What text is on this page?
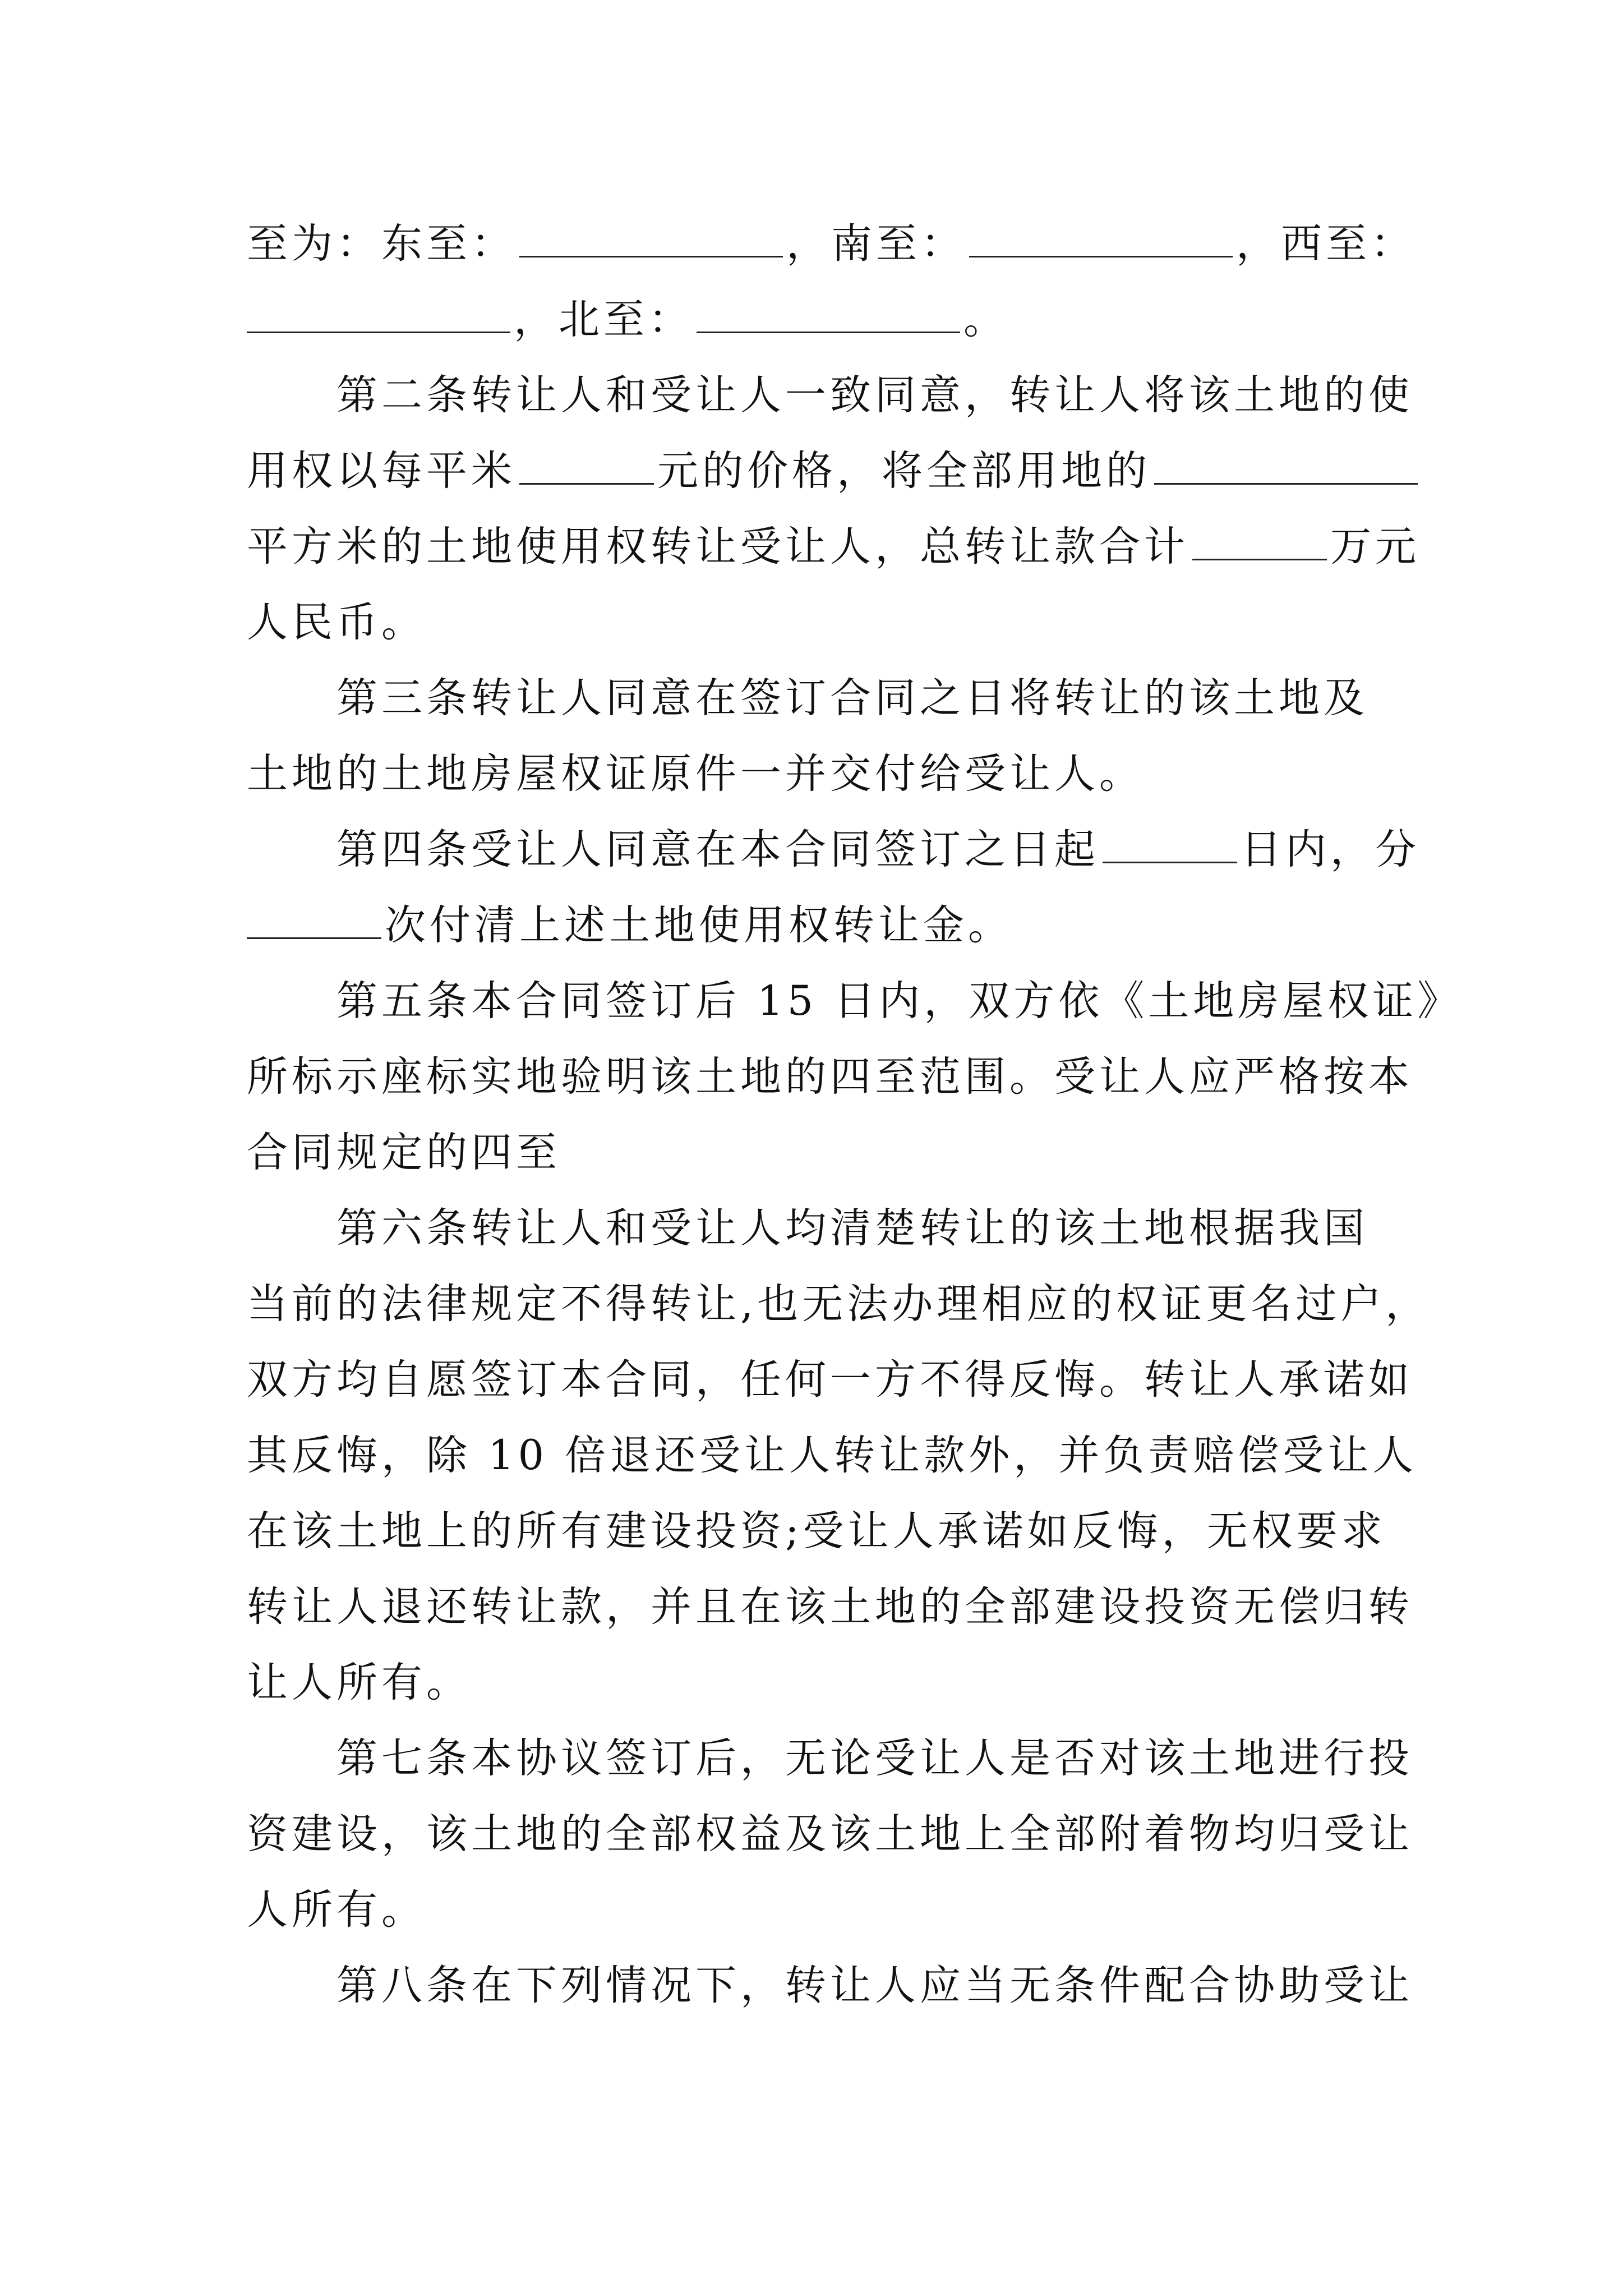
至为：东至：	，南至：	，西至：
，北至：	。
第二条转让人和受让人一致同意，转让人将该土地的使
用权以每平米	元的价格，将全部用地的
平方米的土地使用权转让受让人，总转让款合计	万元
人民币。
第三条转让人同意在签订合同之日将转让的该土地及
土地的土地房屋权证原件一并交付给受让人。
第四条受让人同意在本合同签订之日起	日内，分
次付清上述土地使用权转让金。
第五条本合同签订后 15 日内，双方依《土地房屋权证》
所标示座标实地验明该土地的四至范围。受让人应严格按本
合同规定的四至
第六条转让人和受让人均清楚转让的该土地根据我国
当前的法律规定不得转让,也无法办理相应的权证更名过户，
双方均自愿签订本合同，任何一方不得反悔。转让人承诺如
其反悔，除 10 倍退还受让人转让款外，并负责赔偿受让人
在该土地上的所有建设投资;受让人承诺如反悔，无权要求
转让人退还转让款，并且在该土地的全部建设投资无偿归转
让人所有。
第七条本协议签订后，无论受让人是否对该土地进行投
资建设，该土地的全部权益及该土地上全部附着物均归受让
人所有。
第八条在下列情况下，转让人应当无条件配合协助受让
